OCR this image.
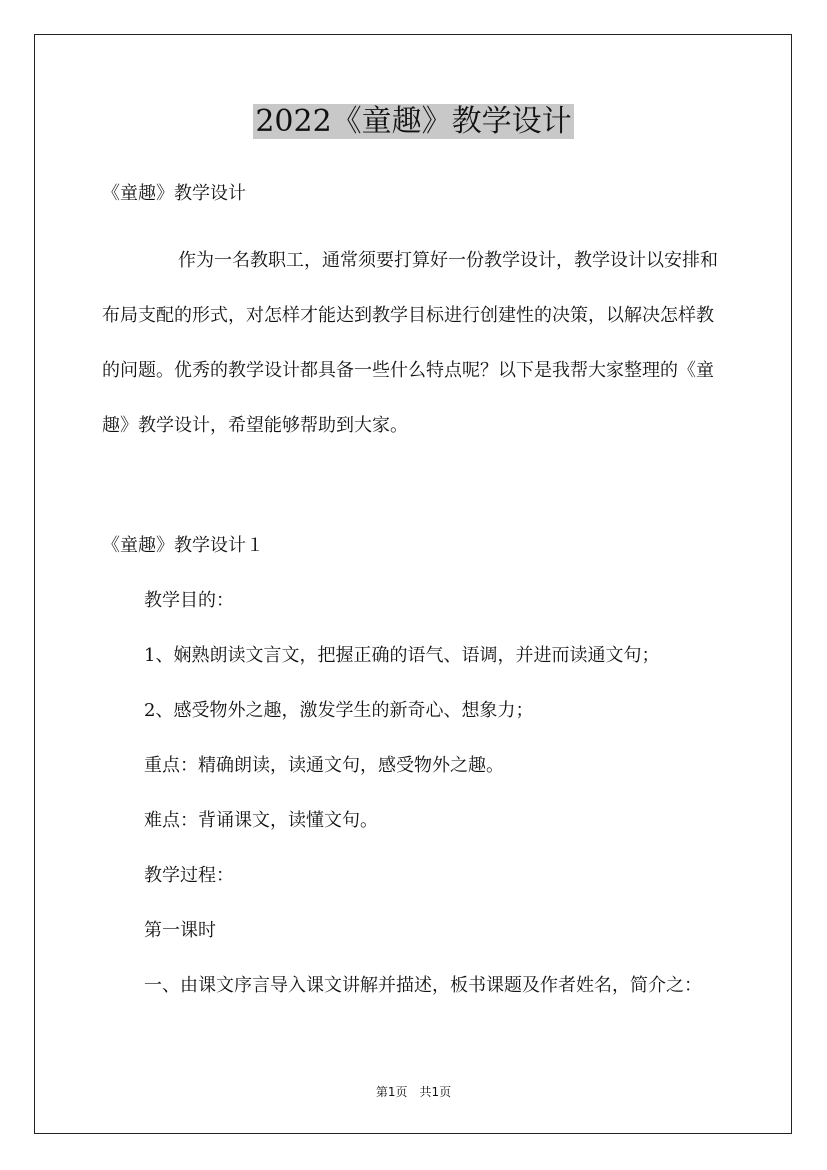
2022《童趣》教学设计

《童趣》教学设计

作为一名教职工，通常须要打算好一份教学设计，教学设计以安排和布局支配的形式，对怎样才能达到教学目标进行创建性的决策，以解决怎样教的问题。优秀的教学设计都具备一些什么特点呢？以下是我帮大家整理的《童趣》教学设计，希望能够帮助到大家。

《童趣》教学设计１

教学目的：

1、娴熟朗读文言文，把握正确的语气、语调，并进而读通文句；

2、感受物外之趣，激发学生的新奇心、想象力；

重点：精确朗读，读通文句，感受物外之趣。

难点：背诵课文，读懂文句。

教学过程：

第一课时

一、由课文序言导入课文讲解并描述，板书课题及作者姓名，简介之：

第1页　共1页
